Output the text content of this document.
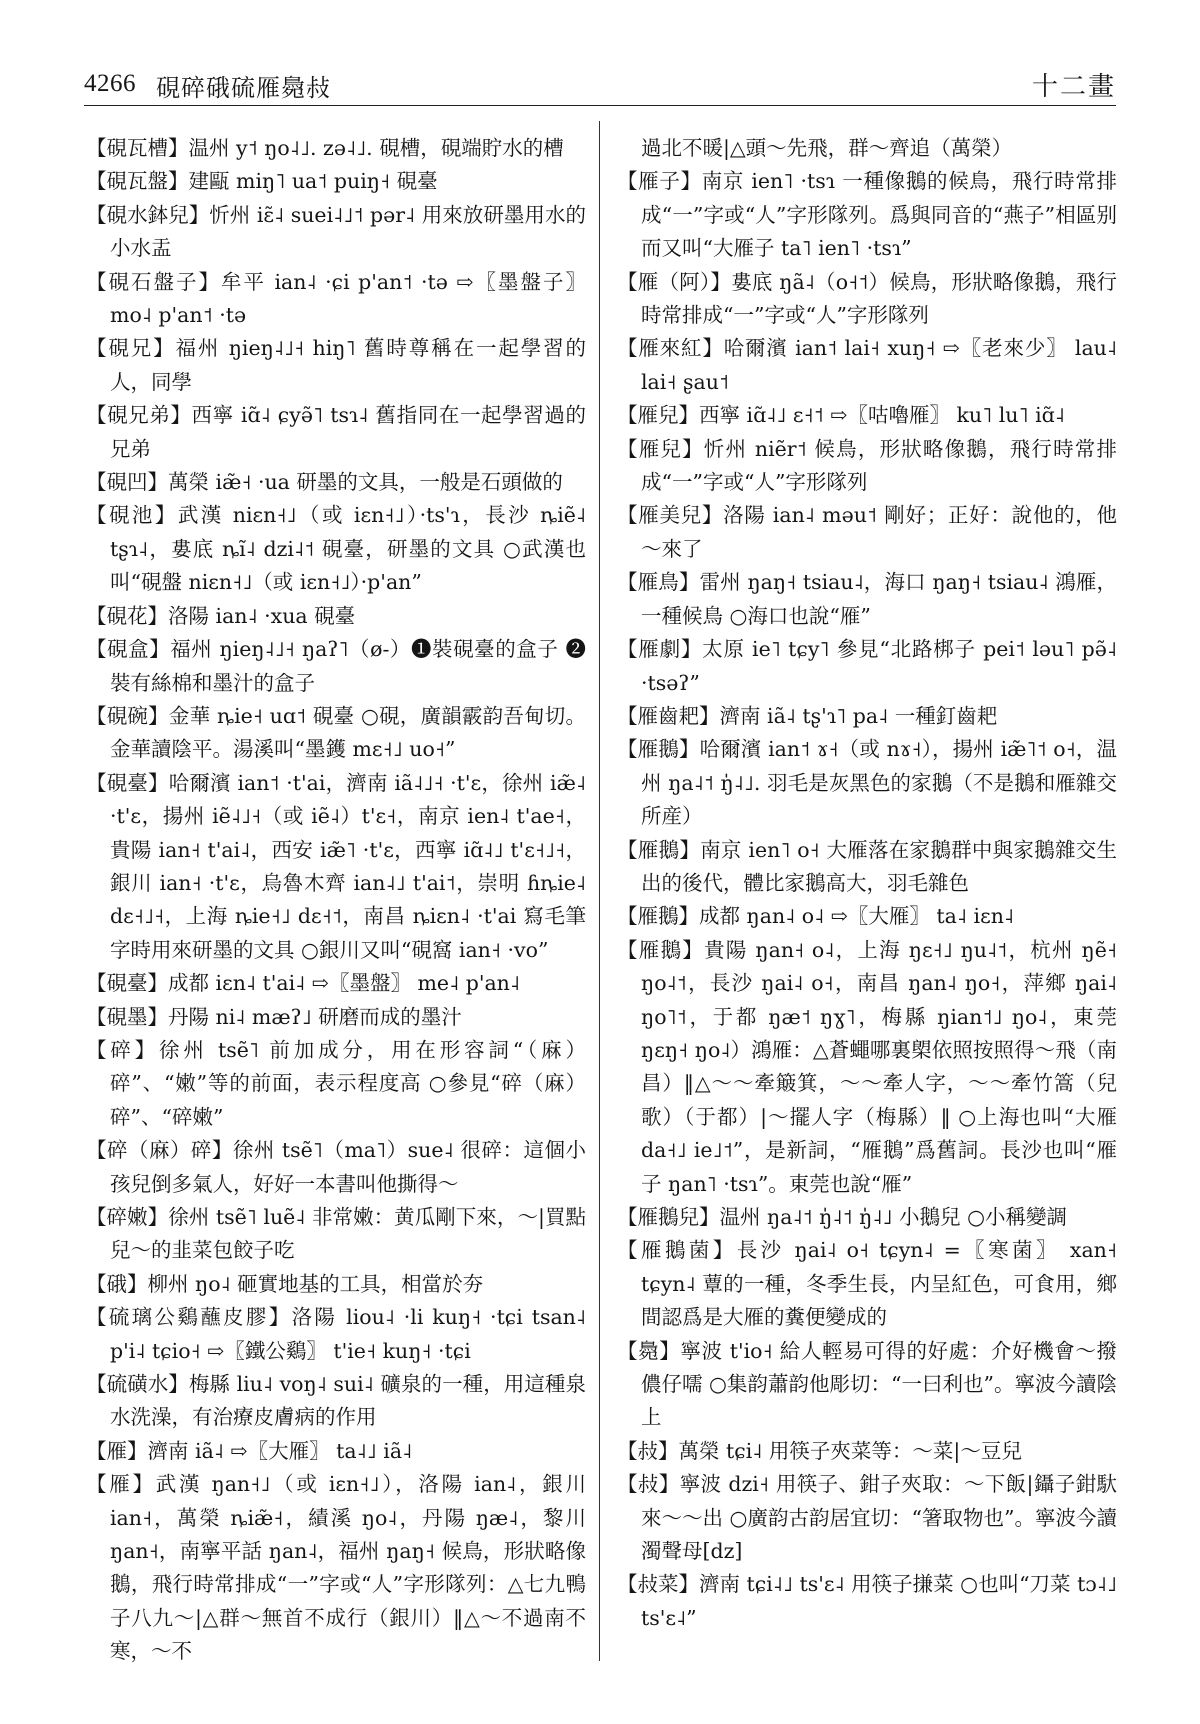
4266 硯碎硪硫雁䳃敊	十二畫
【硯瓦槽】温州 y˦ ŋo˨˩. zə˨˩. 硯槽，硯端貯水的槽
【硯瓦盤】建甌 miŋ˥ ua˦ puiŋ˧ 硯臺
【硯水鉢兒】忻州 iɛ̃˨ suei˨˩˦ pər˨ 用來放研墨用水的小水盂
【硯石盤子】牟平 ian˨ ·ɕi p'an˦ ·tə ⇨〖墨盤子〗 mo˨ p'an˦ ·tə
【硯兄】福州 ŋieŋ˨˩˧ hiŋ˥ 舊時尊稱在一起學習的人，同學
【硯兄弟】西寧 iɑ̃˨ ɕyə̃˥ tsɿ˨ 舊指同在一起學習過的兄弟
【硯凹】萬榮 iæ̃˧ ·ua 研墨的文具，一般是石頭做的
【硯池】武漢 niɛn˧˩（或 iɛn˧˩）·ts'ɿ，長沙 ȵiẽ˨ tʂɿ˨，婁底 ȵĩ˨ dzi˨˦ 硯臺，研墨的文具 ○武漢也叫“硯盤 niɛn˧˩（或 iɛn˧˩）·p'an”
【硯花】洛陽 ian˨ ·xua 硯臺
【硯盒】福州 ŋieŋ˨˩˧ ŋaʔ˥（ø-）❶裝硯臺的盒子 ❷裝有絲棉和墨汁的盒子
【硯碗】金華 ȵie˧ uɑ˦ 硯臺 ○硯，廣韻霰韵吾甸切。金華讀陰平。湯溪叫“墨鑊 mɛ˧˩ uo˧”
【硯臺】哈爾濱 ian˦ ·t'ai，濟南 iã˨˩˧ ·t'ɛ，徐州 iæ̃˨ ·t'ɛ，揚州 iẽ˨˩˧（或 iẽ˨）t'ɛ˧，南京 ien˨ t'ae˧，貴陽 ian˧ t'ai˨，西安 iæ̃˥ ·t'ɛ，西寧 iɑ̃˨˩ t'ɛ˧˩˧，銀川 ian˧ ·t'ɛ，烏魯木齊 ian˨˩ t'ai˦，崇明 ɦȵie˨ dɛ˧˩˧，上海 ȵie˧˩ dɛ˧˦，南昌 ȵiɛn˨ ·t'ai 寫毛筆字時用來研墨的文具 ○銀川又叫“硯窩 ian˧ ·vo”
【硯臺】成都 iɛn˨ t'ai˨ ⇨〖墨盤〗 me˨ p'an˨
【硯墨】丹陽 ni˨ mæʔ˩ 研磨而成的墨汁
【碎】徐州 tsẽ˥ 前加成分，用在形容詞“（麻）碎”、“嫩”等的前面，表示程度高 ○參見“碎（麻）碎”、“碎嫩”
【碎（麻）碎】徐州 tsẽ˥（ma˥）sue˨ 很碎：這個小孩兒倒多氣人，好好一本書叫他撕得～
【碎嫩】徐州 tsẽ˥ luẽ˨ 非常嫩：黄瓜剛下來，～|買點兒～的韭菜包餃子吃
【硪】柳州 ŋo˨ 砸實地基的工具，相當於夯
【硫璃公鷄蘸皮膠】洛陽 liou˨ ·li kuŋ˧ ·tɕi tsan˨ p'i˨ tɕio˧ ⇨〖鐵公鷄〗 t'ie˧ kuŋ˧ ·tɕi
【硫磺水】梅縣 liu˨ voŋ˨ sui˨ 礦泉的一種，用這種泉水洗澡，有治療皮膚病的作用
【雁】濟南 iã˨ ⇨〖大雁〗 ta˨˩ iã˨
【雁】武漢 ŋan˧˩（或 iɛn˧˩），洛陽 ian˨，銀川 ian˧，萬榮 ȵiæ̃˧，績溪 ŋo˨，丹陽 ŋæ˨，黎川 ŋan˧，南寧平話 ŋan˨，福州 ŋaŋ˧ 候鳥，形狀略像鵝，飛行時常排成“一”字或“人”字形隊列：△七九鴨子八九～|△群～無首不成行（銀川）‖△～不過南不寒，～不
過北不暖|△頭～先飛，群～齊追（萬榮）
【雁子】南京 ien˥ ·tsɿ 一種像鵝的候鳥，飛行時常排成“一”字或“人”字形隊列。爲與同音的“燕子”相區别而又叫“大雁子 ta˥ ien˥ ·tsɿ”
【雁（阿）】婁底 ŋã˨（o˧˦）候鳥，形狀略像鵝，飛行時常排成“一”字或“人”字形隊列
【雁來紅】哈爾濱 ian˦ lai˧ xuŋ˧ ⇨〖老來少〗 lau˨ lai˧ ʂau˦
【雁兒】西寧 iɑ̃˨˩ ɛ˧˦ ⇨〖咕嚕雁〗 ku˥ lu˥ iɑ̃˨
【雁兒】忻州 niẽr˦ 候鳥，形狀略像鵝，飛行時常排成“一”字或“人”字形隊列
【雁美兒】洛陽 ian˨ məu˦ 剛好；正好：說他的，他～來了
【雁鳥】雷州 ŋaŋ˧ tsiau˨，海口 ŋaŋ˧ tsiau˨ 鴻雁，一種候鳥 ○海口也說“雁”
【雁劇】太原 ie˥ tɕy˥ 參見“北路梆子 pei˦ ləu˥ pə̃˨ ·tsəʔ”
【雁齒耙】濟南 iã˨ tʂ'ɿ˥ pa˨ 一種釘齒耙
【雁鵝】哈爾濱 ian˦ ɤ˧（或 nɤ˧），揚州 iæ̃˥˦ o˧，温州 ŋa˨˦ ŋ̍˨˩. 羽毛是灰黑色的家鵝（不是鵝和雁雜交所産）
【雁鵝】南京 ien˥ o˧ 大雁落在家鵝群中與家鵝雜交生出的後代，體比家鵝高大，羽毛雜色
【雁鵝】成都 ŋan˨ o˨ ⇨〖大雁〗 ta˨ iɛn˨
【雁鵝】貴陽 ŋan˧ o˨，上海 ŋɛ˧˩ ŋu˨˦，杭州 ŋẽ˧ ŋo˨˦，長沙 ŋai˨ o˧，南昌 ŋan˨ ŋo˧，萍鄉 ŋai˨ ŋo˥˦，于都 ŋæ˦ ŋɣ˥，梅縣 ŋian˦˩ ŋo˨，東莞 ŋɛŋ˧ ŋo˨）鴻雁：△蒼蠅哪裏㮾依照按照得～飛（南昌）‖△～～牽簸箕，～～牽人字，～～牽竹篙（兒歌）（于都）|～擺人字（梅縣）‖ ○上海也叫“大雁 da˧˩ ie˩˦”，是新詞，“雁鵝”爲舊詞。長沙也叫“雁子 ŋan˥ ·tsɿ”。東莞也說“雁”
【雁鵝兒】温州 ŋa˨˦ ŋ̍˨˦ ŋ̍˨˩ 小鵝兒 ○小稱變調
【雁鵝菌】長沙 ŋai˨ o˧ tɕyn˨ =〖寒菌〗 xan˧ tɕyn˨ 蕈的一種，冬季生長，内呈紅色，可食用，鄉間認爲是大雁的糞便變成的
【䳃】寧波 t'io˧ 給人輕易可得的好處：介好機會～撥儂仔嚅 ○集韵蕭韵他彫切：“一曰利也”。寧波今讀陰上
【敊】萬榮 tɕi˨ 用筷子夾菜等：～菜|～豆兒
【敊】寧波 dzi˧ 用筷子、鉗子夾取：～下飯|鑷子鉗馱來～～出 ○廣韵古韵居宜切：“箸取物也”。寧波今讀濁聲母[dz]
【敊菜】濟南 tɕi˨˩ ts'ɛ˨ 用筷子搛菜 ○也叫“刀菜 tɔ˨˩ ts'ɛ˨”
